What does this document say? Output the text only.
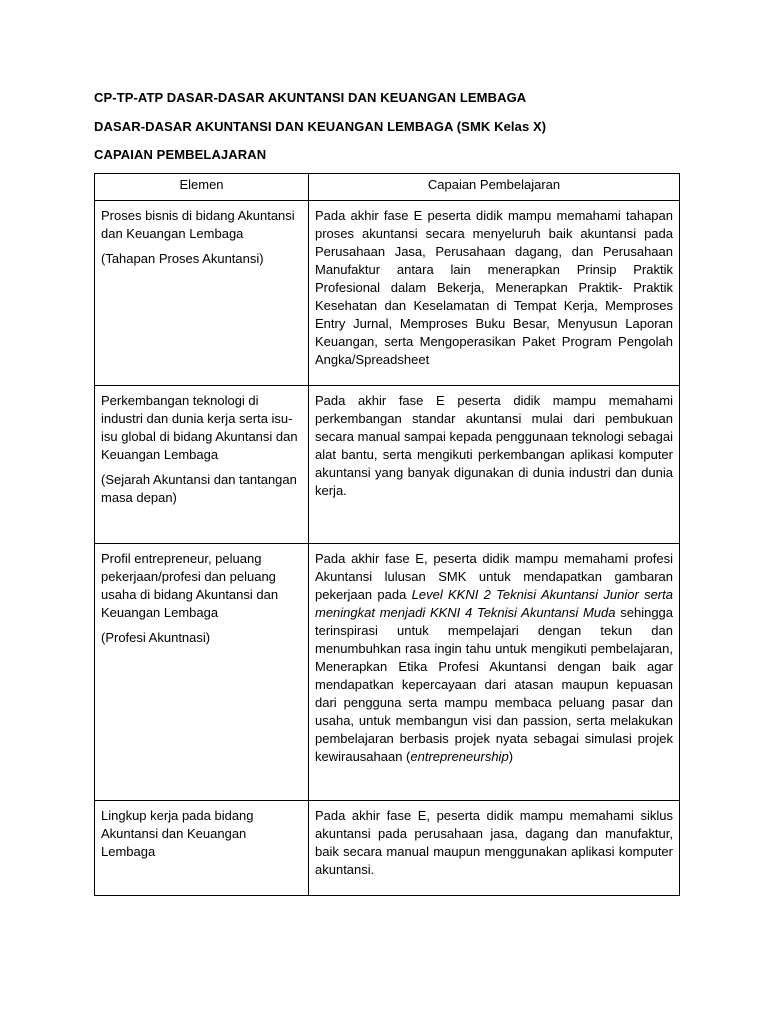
CP-TP-ATP DASAR-DASAR AKUNTANSI DAN KEUANGAN LEMBAGA
DASAR-DASAR AKUNTANSI DAN KEUANGAN LEMBAGA (SMK Kelas X)
CAPAIAN PEMBELAJARAN
Elemen	Capaian Pembelajaran

Proses bisnis di bidang Akuntansi dan Keuangan Lembaga

(Tahapan Proses Akuntansi)	Pada akhir fase E peserta didik mampu memahami tahapan proses akuntansi secara menyeluruh baik akuntansi pada Perusahaan Jasa, Perusahaan dagang, dan Perusahaan Manufaktur antara lain menerapkan Prinsip Praktik Profesional dalam Bekerja, Menerapkan Praktik- Praktik Kesehatan dan Keselamatan di Tempat Kerja, Memproses Entry Jurnal, Memproses Buku Besar, Menyusun Laporan Keuangan, serta Mengoperasikan Paket Program Pengolah Angka/Spreadsheet

Perkembangan teknologi di industri dan dunia kerja serta isu-isu global di bidang Akuntansi dan Keuangan Lembaga

(Sejarah Akuntansi dan tantangan masa depan)	Pada akhir fase E peserta didik mampu memahami perkembangan standar akuntansi mulai dari pembukuan secara manual sampai kepada penggunaan teknologi sebagai alat bantu, serta mengikuti perkembangan aplikasi komputer akuntansi yang banyak digunakan di dunia industri dan dunia kerja.

Profil entrepreneur, peluang pekerjaan/profesi dan peluang usaha di bidang Akuntansi dan Keuangan Lembaga

(Profesi Akuntnasi)	Pada akhir fase E, peserta didik mampu memahami profesi Akuntansi lulusan SMK untuk mendapatkan gambaran pekerjaan pada Level KKNI 2 Teknisi Akuntansi Junior serta meningkat menjadi KKNI 4 Teknisi Akuntansi Muda sehingga terinspirasi untuk mempelajari dengan tekun dan menumbuhkan rasa ingin tahu untuk mengikuti pembelajaran, Menerapkan Etika Profesi Akuntansi dengan baik agar mendapatkan kepercayaan dari atasan maupun kepuasan dari pengguna serta mampu membaca peluang pasar dan usaha, untuk membangun visi dan passion, serta melakukan pembelajaran berbasis projek nyata sebagai simulasi projek kewirausahaan (entrepreneurship)

Lingkup kerja pada bidang Akuntansi dan Keuangan Lembaga	Pada akhir fase E, peserta didik mampu memahami siklus akuntansi pada perusahaan jasa, dagang dan manufaktur, baik secara manual maupun menggunakan aplikasi komputer akuntansi.
